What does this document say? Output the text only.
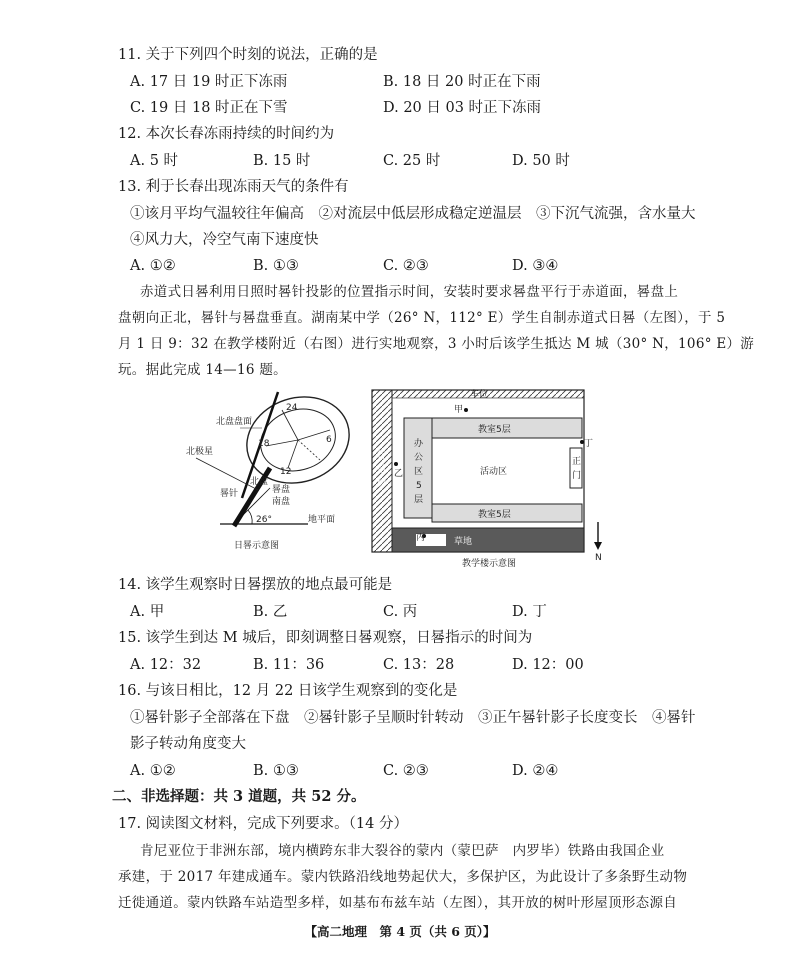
11. 关于下列四个时刻的说法，正确的是
A. 17 日 19 时正下冻雨	B. 18 日 20 时正在下雨
C. 19 日 18 时正在下雪	D. 20 日 03 时正下冻雨
12. 本次长春冻雨持续的时间约为
A. 5 时	B. 15 时	C. 25 时	D. 50 时
13. 利于长春出现冻雨天气的条件有
①该月平均气温较往年偏高　②对流层中低层形成稳定逆温层　③下沉气流强，含水量大
④风力大，冷空气南下速度快
A. ①②	B. ①③	C. ②③	D. ③④
赤道式日晷利用日照时晷针投影的位置指示时间，安装时要求晷盘平行于赤道面，晷盘上
盘朝向正北，晷针与晷盘垂直。湖南某中学（26° N，112° E）学生自制赤道式日晷（左图），于 5
月 1 日 9：32 在教学楼附近（右图）进行实地观察，3 小时后该学生抵达 M 城（30° N，106° E）游
玩。据此完成 14—16 题。
北盘盘面
北极星
北盘
晷针	晷盘
南盘
地平面
26°
24
18	6
12
日晷示意图
车位
甲
丁
乙
丙
教室5层
教室5层
活动区
草地
N
办
公
区
5
层
行
道
树
正
门
教学楼示意图
14. 该学生观察时日晷摆放的地点最可能是
A. 甲	B. 乙	C. 丙	D. 丁
15. 该学生到达 M 城后，即刻调整日晷观察，日晷指示的时间为
A. 12：32	B. 11：36	C. 13：28	D. 12：00
16. 与该日相比，12 月 22 日该学生观察到的变化是
①晷针影子全部落在下盘　②晷针影子呈顺时针转动　③正午晷针影子长度变长　④晷针
影子转动角度变大
A. ①②	B. ①③	C. ②③	D. ②④
二、非选择题：共 3 道题，共 52 分。
17. 阅读图文材料，完成下列要求。（14 分）
肯尼亚位于非洲东部，境内横跨东非大裂谷的蒙内（蒙巴萨　内罗毕）铁路由我国企业
承建，于 2017 年建成通车。蒙内铁路沿线地势起伏大，多保护区，为此设计了多条野生动物
迁徙通道。蒙内铁路车站造型多样，如基布布兹车站（左图），其开放的树叶形屋顶形态源自
【高二地理　第 4 页（共 6 页）】
